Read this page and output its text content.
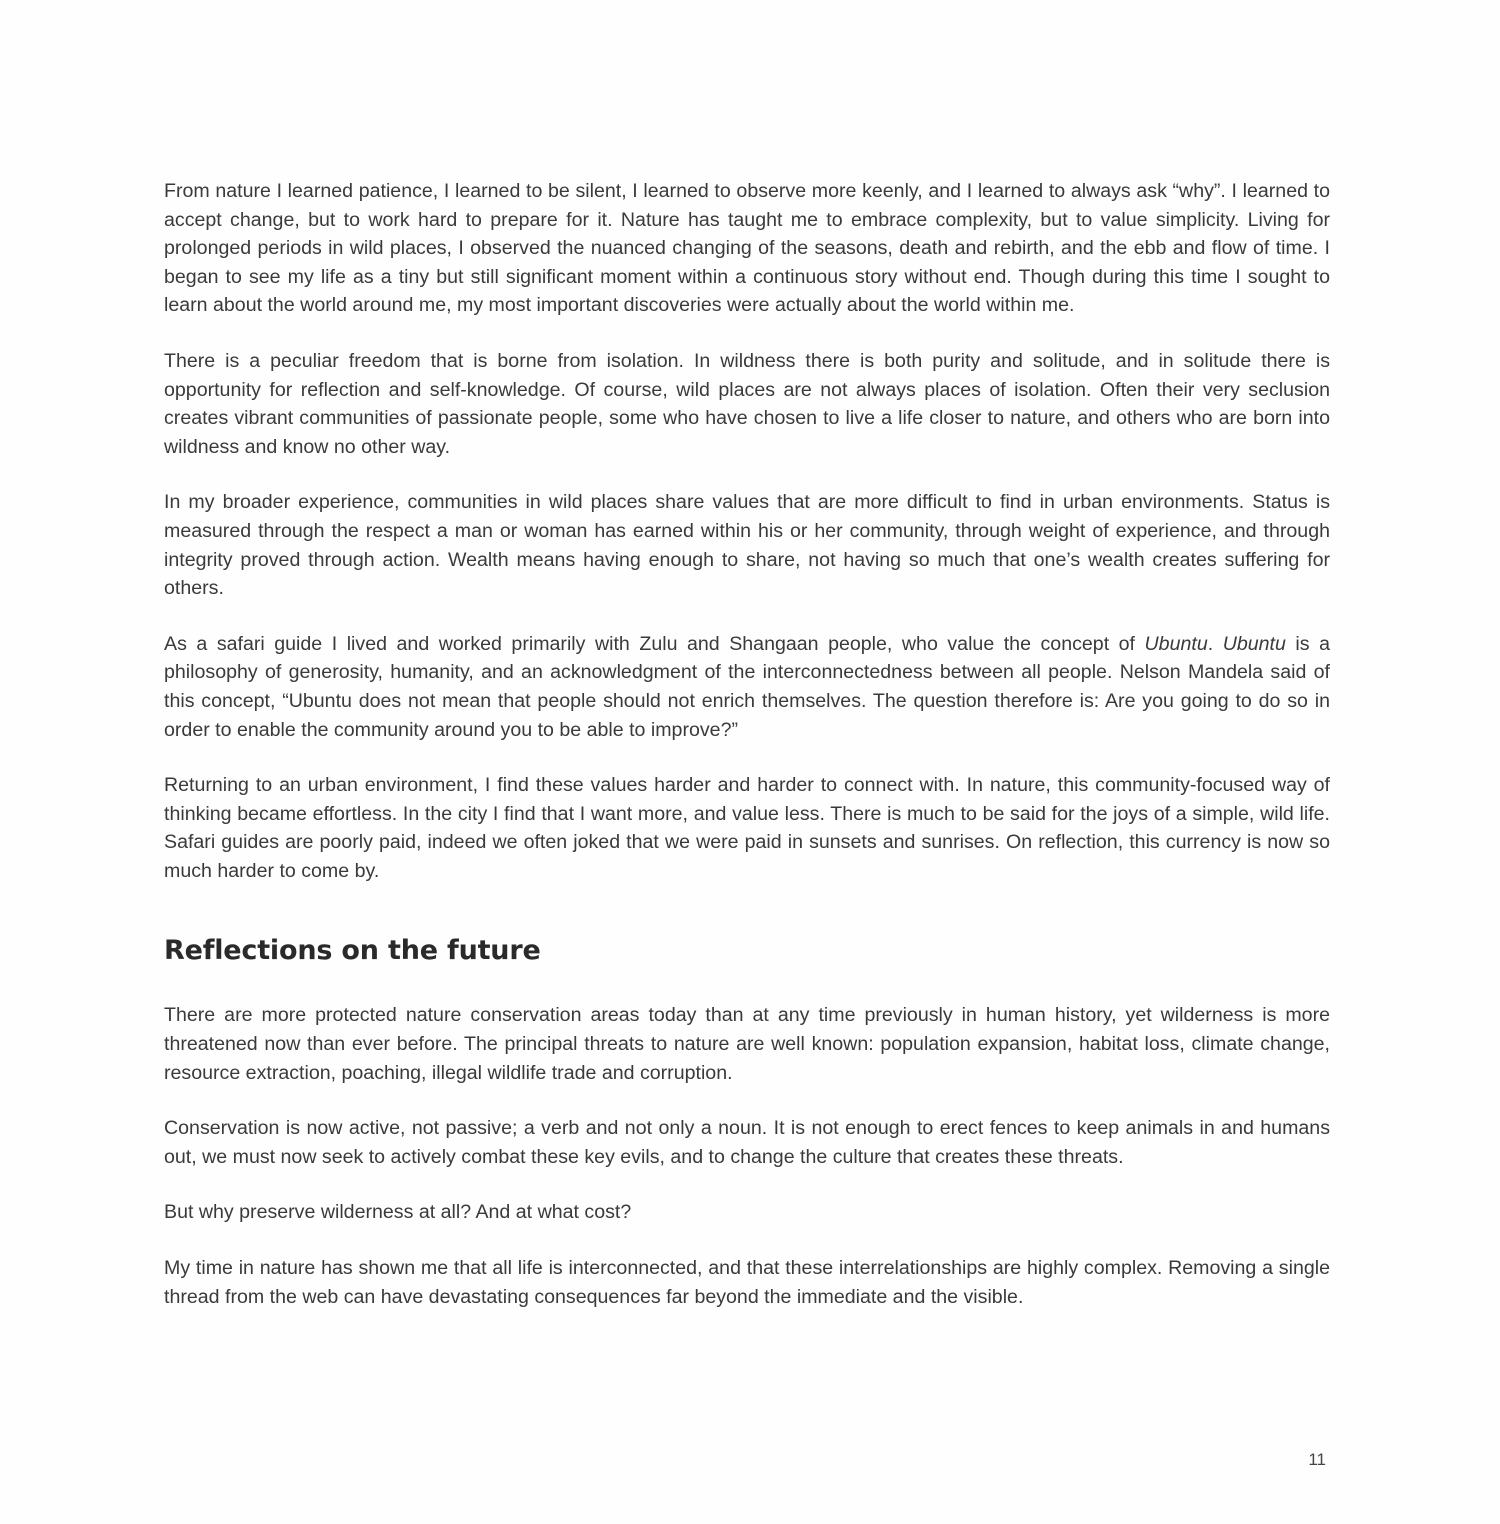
From nature I learned patience, I learned to be silent, I learned to observe more keenly, and I learned to always ask “why”. I learned to accept change, but to work hard to prepare for it. Nature has taught me to embrace complexity, but to value simplicity. Living for prolonged periods in wild places, I observed the nuanced changing of the seasons, death and rebirth, and the ebb and flow of time. I began to see my life as a tiny but still significant moment within a continuous story without end. Though during this time I sought to learn about the world around me, my most important discoveries were actually about the world within me.

There is a peculiar freedom that is borne from isolation. In wildness there is both purity and solitude, and in solitude there is opportunity for reflection and self-knowledge. Of course, wild places are not always places of isolation. Often their very seclusion creates vibrant communities of passionate people, some who have chosen to live a life closer to nature, and others who are born into wildness and know no other way.

In my broader experience, communities in wild places share values that are more difficult to find in urban environments. Status is measured through the respect a man or woman has earned within his or her community, through weight of experience, and through integrity proved through action. Wealth means having enough to share, not having so much that one’s wealth creates suffering for others.

As a safari guide I lived and worked primarily with Zulu and Shangaan people, who value the concept of Ubuntu. Ubuntu is a philosophy of generosity, humanity, and an acknowledgment of the interconnectedness between all people. Nelson Mandela said of this concept, “Ubuntu does not mean that people should not enrich themselves. The question therefore is: Are you going to do so in order to enable the community around you to be able to improve?”

Returning to an urban environment, I find these values harder and harder to connect with. In nature, this community-focused way of thinking became effortless. In the city I find that I want more, and value less. There is much to be said for the joys of a simple, wild life. Safari guides are poorly paid, indeed we often joked that we were paid in sunsets and sunrises. On reflection, this currency is now so much harder to come by.

Reflections on the future

There are more protected nature conservation areas today than at any time previously in human history, yet wilderness is more threatened now than ever before. The principal threats to nature are well known: population expansion, habitat loss, climate change, resource extraction, poaching, illegal wildlife trade and corruption.

Conservation is now active, not passive; a verb and not only a noun. It is not enough to erect fences to keep animals in and humans out, we must now seek to actively combat these key evils, and to change the culture that creates these threats.

But why preserve wilderness at all? And at what cost?

My time in nature has shown me that all life is interconnected, and that these interrelationships are highly complex. Removing a single thread from the web can have devastating consequences far beyond the immediate and the visible.

11
